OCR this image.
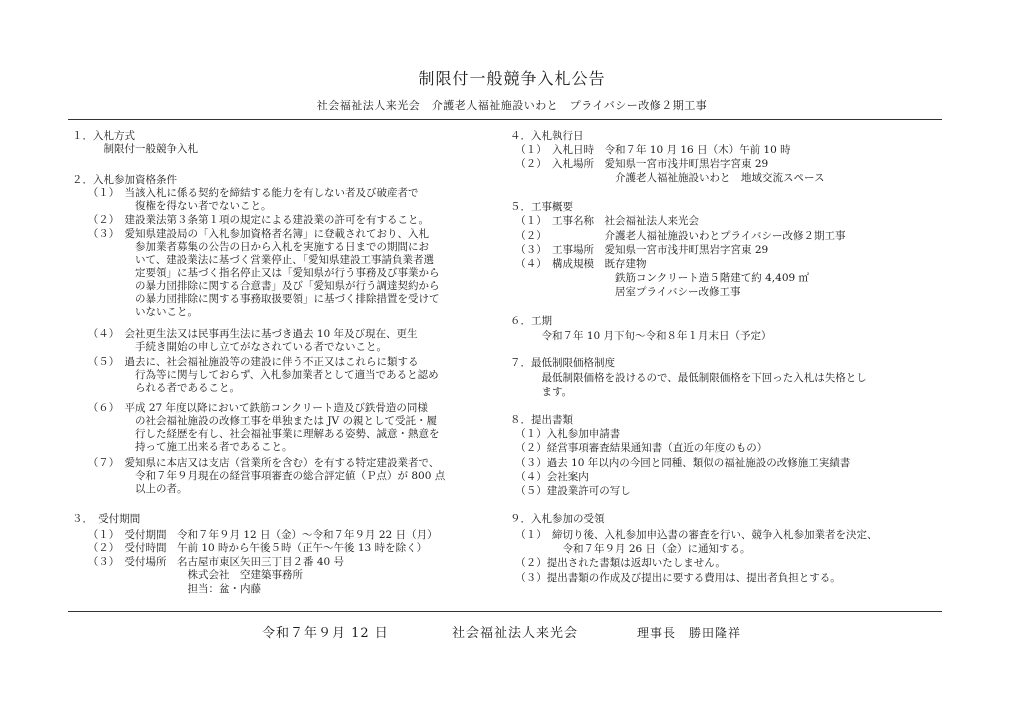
制限付一般競争入札公告
社会福祉法人来光会　介護老人福祉施設いわと　プライバシー改修２期工事
１．入札方式
　　　制限付一般競争入札
２．入札参加資格条件
　　（１）　当該入札に係る契約を締結する能力を有しない者及び破産者で
　　　　　　復権を得ない者でないこと。
　　（２）　建設業法第３条第１項の規定による建設業の許可を有すること。
　　（３）　愛知県建設局の「入札参加資格者名簿」に登載されており、入札
　　　　　　参加業者募集の公告の日から入札を実施する日までの期間にお
　　　　　　いて、建設業法に基づく営業停止、「愛知県建設工事請負業者選
　　　　　　定要領」に基づく指名停止又は「愛知県が行う事務及び事業から
　　　　　　の暴力団排除に関する合意書」及び「愛知県が行う調達契約から
　　　　　　の暴力団排除に関する事務取扱要領」に基づく排除措置を受けて
　　　　　　いないこと。
　　（４）　会社更生法又は民事再生法に基づき過去 10 年及び現在、更生
　　　　　　手続き開始の申し立てがなされている者でないこと。
　　（５）　過去に、社会福祉施設等の建設に伴う不正又はこれらに類する
　　　　　　行為等に関与しておらず、入札参加業者として適当であると認め
　　　　　　られる者であること。
　　（６）　平成 27 年度以降において鉄筋コンクリート造及び鉄骨造の同様
　　　　　　の社会福祉施設の改修工事を単独または JV の親として受託・履
　　　　　　行した経歴を有し、社会福祉事業に理解ある姿勢、誠意・熱意を
　　　　　　持って施工出来る者であること。
　　（７）　愛知県に本店又は支店（営業所を含む）を有する特定建設業者で、
　　　　　　令和７年９月現在の経営事項審査の総合評定値（Ｐ点）が 800 点
　　　　　　以上の者。
３．　受付期間
　　（１）　受付期間　令和７年９月 12 日（金）～令和７年９月 22 日（月）
　　（２）　受付時間　午前 10 時から午後５時（正午～午後 13 時を除く）
　　（３）　受付場所　名古屋市東区矢田三丁目２番 40 号
　　　　　　　　　　　株式会社　空建築事務所
　　　　　　　　　　　担当：盆・内藤
４．入札執行日
　（１）　入札日時　令和７年 10 月 16 日（木）午前 10 時
　（２）　入札場所　愛知県一宮市浅井町黒岩字宮東 29
　　　　　　　　　　介護老人福祉施設いわと　地域交流スペース
５．工事概要
　（１）　工事名称　社会福祉法人来光会
　（２）　　　　　　介護老人福祉施設いわとプライバシー改修２期工事
　（３）　工事場所　愛知県一宮市浅井町黒岩字宮東 29
　（４）　構成規模　既存建物
　　　　　　　　　　鉄筋コンクリート造５階建て約 4,409 ㎡
　　　　　　　　　　居室プライバシー改修工事
６．工期
　　　令和７年 10 月下旬～令和８年１月末日（予定）
７．最低制限価格制度
　　　最低制限価格を設けるので、最低制限価格を下回った入札は失格とし
　　　ます。
８．提出書類
　（１）入札参加申請書
　（２）経営事項審査結果通知書（直近の年度のもの）
　（３）過去 10 年以内の今回と同種、類似の福祉施設の改修施工実績書
　（４）会社案内
　（５）建設業許可の写し
９．入札参加の受領
　（１）　締切り後、入札参加申込書の審査を行い、競争入札参加業者を決定、
　　　　　令和７年９月 26 日（金）に通知する。
　（２）提出された書類は返却いたしません。
　（３）提出書類の作成及び提出に要する費用は、提出者負担とする。
令和７年９月 12 日	社会福祉法人来光会	理事長　勝田隆祥
